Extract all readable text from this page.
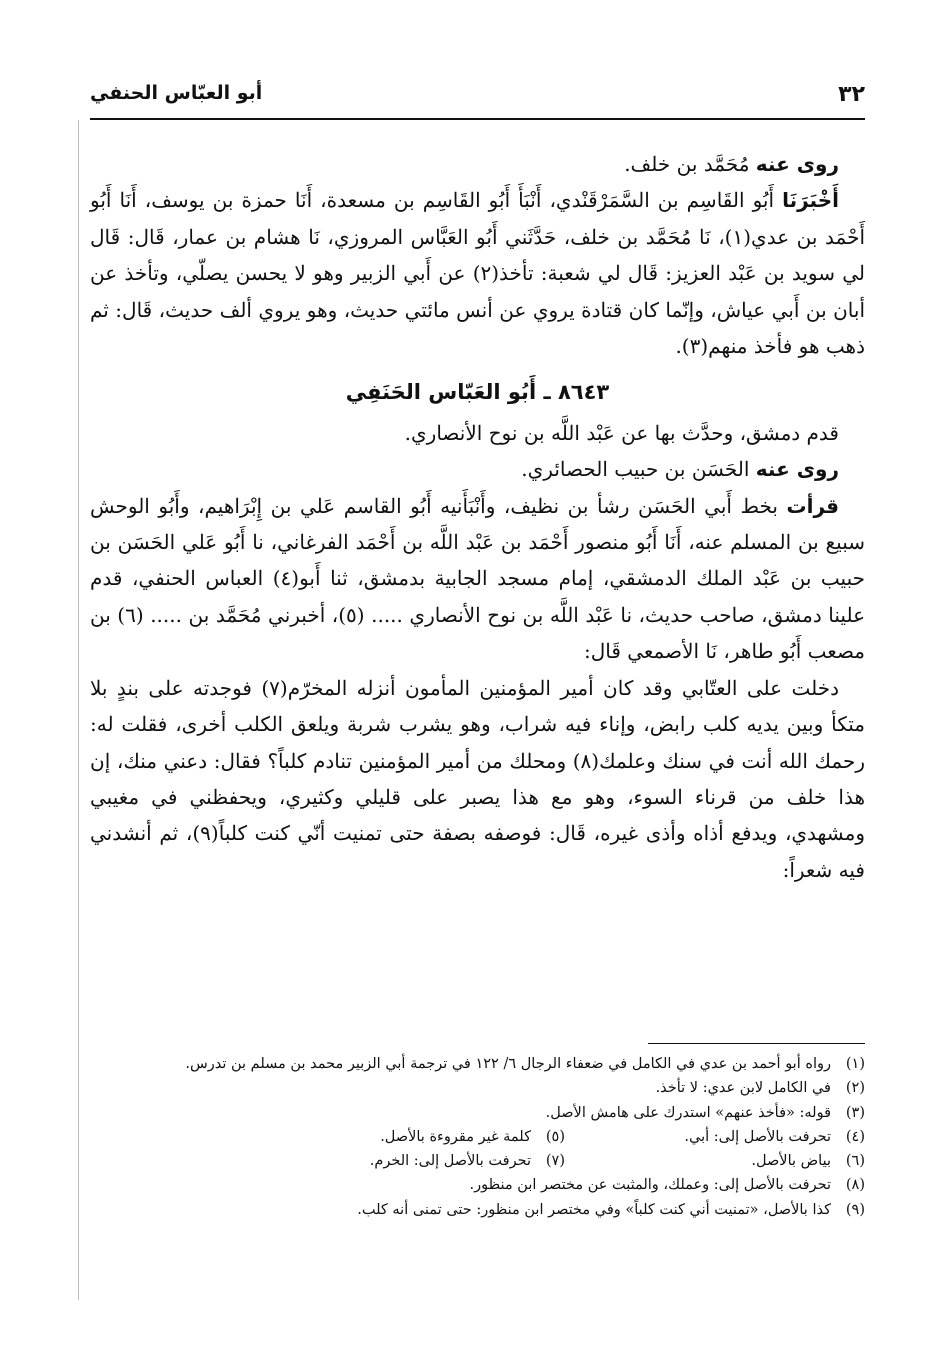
٣٢
أبو العبّاس الحنفي

روى عنه مُحَمَّد بن خلف.

أَخْبَرَنَا أَبُو القَاسِم بن السَّمَرْقَنْدي، أَنْبَأَ أَبُو القَاسِم بن مسعدة، أَنَا حمزة بن يوسف، أَنَا أَبُو أَحْمَد بن عدي(١)، نَا مُحَمَّد بن خلف، حَدَّثَني أَبُو العَبَّاس المروزي، نَا هشام بن عمار، قَال: قَال لي سويد بن عَبْد العزيز: قَال لي شعبة: تأخذ(٢) عن أَبي الزبير وهو لا يحسن يصلّي، وتأخذ عن أبان بن أَبي عياش، وإنّما كان قتادة يروي عن أنس مائتي حديث، وهو يروي ألف حديث، قَال: ثم ذهب هو فأخذ منهم(٣).

٨٦٤٣ ـ أَبُو العَبّاس الحَنَفِي

قدم دمشق، وحدَّث بها عن عَبْد اللَّه بن نوح الأنصاري.

روى عنه الحَسَن بن حبيب الحصائري.

قرأت بخط أَبي الحَسَن رشأ بن نظيف، وأَنْبَأَنيه أَبُو القاسم عَلي بن إِبْرَاهيم، وأَبُو الوحش سبيع بن المسلم عنه، أَنَا أَبُو منصور أَحْمَد بن عَبْد اللَّه بن أَحْمَد الفرغاني، نا أَبُو عَلي الحَسَن بن حبيب بن عَبْد الملك الدمشقي، إمام مسجد الجابية بدمشق، ثنا أَبو(٤) العباس الحنفي، قدم علينا دمشق، صاحب حديث، نا عَبْد اللَّه بن نوح الأنصاري ..... (٥)، أخبرني مُحَمَّد بن ..... (٦) بن مصعب أَبُو طاهر، نَا الأصمعي قَال:

دخلت على العتّابي وقد كان أمير المؤمنين المأمون أنزله المخرّم(٧) فوجدته على بندٍ بلا متكأ وبين يديه كلب رابض، وإناء فيه شراب، وهو يشرب شربة ويلعق الكلب أخرى، فقلت له: رحمك الله أنت في سنك وعلمك(٨) ومحلك من أمير المؤمنين تنادم كلباً؟ فقال: دعني منك، إن هذا خلف من قرناء السوء، وهو مع هذا يصبر على قليلي وكثيري، ويحفظني في مغيبي ومشهدي، ويدفع أذاه وأذى غيره، قَال: فوصفه بصفة حتى تمنيت أنّي كنت كلباً(٩)، ثم أنشدني فيه شعراً:

(١)رواه أبو أحمد بن عدي في الكامل في ضعفاء الرجال ٦/ ١٢٢ في ترجمة أبي الزبير محمد بن مسلم بن تدرس.
(٢)في الكامل لابن عدي: لا تأخذ.
(٣)قوله: «فأخذ عنهم» استدرك على هامش الأصل.
(٤)تحرفت بالأصل إلى: أبي.
(٥)كلمة غير مقروءة بالأصل.
(٦)بياض بالأصل.
(٧)تحرفت بالأصل إلى: الخرم.
(٨)تحرفت بالأصل إلى: وعملك، والمثبت عن مختصر ابن منظور.
(٩)كذا بالأصل، «تمنيت أني كنت كلباً» وفي مختصر ابن منظور: حتى تمنى أنه كلب.
